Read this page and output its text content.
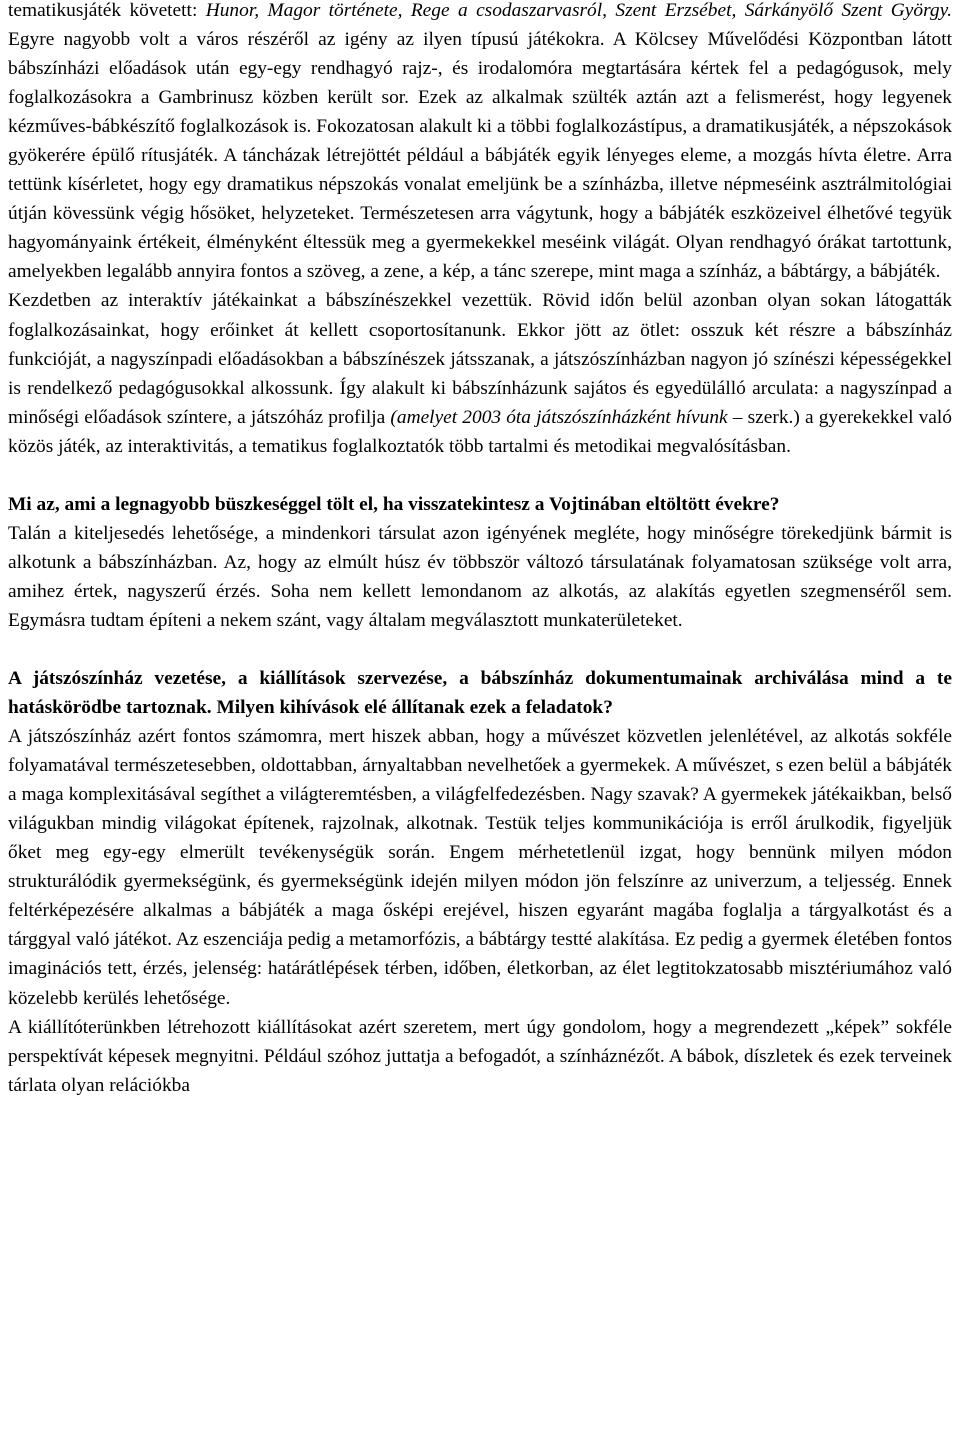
tematikusjáték követett: Hunor, Magor története, Rege a csodaszarvasról, Szent Erzsébet, Sárkányölő Szent György. Egyre nagyobb volt a város részéről az igény az ilyen típusú játékokra. A Kölcsey Művelődési Központban látott bábszínházi előadások után egy-egy rendhagyó rajz-, és irodalomóra megtartására kértek fel a pedagógusok, mely foglalkozásokra a Gambrinusz közben került sor. Ezek az alkalmak szülték aztán azt a felismerést, hogy legyenek kézműves-bábkészítő foglalkozások is. Fokozatosan alakult ki a többi foglalkozástípus, a dramatikusjáték, a népszokások gyökerére épülő rítusjáték. A táncházak létrejöttét például a bábjáték egyik lényeges eleme, a mozgás hívta életre. Arra tettünk kísérletet, hogy egy dramatikus népszokás vonalat emeljünk be a színházba, illetve népmeséink asztrálmitológiai útján kövessünk végig hősöket, helyzeteket. Természetesen arra vágytunk, hogy a bábjáték eszközeivel élhetővé tegyük hagyományaink értékeit, élményként éltessük meg a gyermekekkel meséink világát. Olyan rendhagyó órákat tartottunk, amelyekben legalább annyira fontos a szöveg, a zene, a kép, a tánc szerepe, mint maga a színház, a bábtárgy, a bábjáték.

Kezdetben az interaktív játékainkat a bábszínészekkel vezettük. Rövid időn belül azonban olyan sokan látogatták foglalkozásainkat, hogy erőinket át kellett csoportosítanunk. Ekkor jött az ötlet: osszuk két részre a bábszínház funkcióját, a nagyszínpadi előadásokban a bábszínészek játsszanak, a játszószínházban nagyon jó színészi képességekkel is rendelkező pedagógusokkal alkossunk. Így alakult ki bábszínházunk sajátos és egyedülálló arculata: a nagyszínpad a minőségi előadások színtere, a játszóház profilja (amelyet 2003 óta játszószínházként hívunk – szerk.) a gyerekekkel való közös játék, az interaktivitás, a tematikus foglalkoztatók több tartalmi és metodikai megvalósításban.

Mi az, ami a legnagyobb büszkeséggel tölt el, ha visszatekintesz a Vojtinában eltöltött évekre?

Talán a kiteljesedés lehetősége, a mindenkori társulat azon igényének megléte, hogy minőségre törekedjünk bármit is alkotunk a bábszínházban. Az, hogy az elmúlt húsz év többször változó társulatának folyamatosan szüksége volt arra, amihez értek, nagyszerű érzés. Soha nem kellett lemondanom az alkotás, az alakítás egyetlen szegmenséről sem. Egymásra tudtam építeni a nekem szánt, vagy általam megválasztott munkaterületeket.

A játszószínház vezetése, a kiállítások szervezése, a bábszínház dokumentumainak archiválása mind a te hatáskörödbe tartoznak. Milyen kihívások elé állítanak ezek a feladatok?

A játszószínház azért fontos számomra, mert hiszek abban, hogy a művészet közvetlen jelenlétével, az alkotás sokféle folyamatával természetesebben, oldottabban, árnyaltabban nevelhetőek a gyermekek. A művészet, s ezen belül a bábjáték a maga komplexitásával segíthet a világteremtésben, a világfelfedezésben. Nagy szavak? A gyermekek játékaikban, belső világukban mindig világokat építenek, rajzolnak, alkotnak. Testük teljes kommunikációja is erről árulkodik, figyeljük őket meg egy-egy elmerült tevékenységük során. Engem mérhetetlenül izgat, hogy bennünk milyen módon strukturálódik gyermekségünk, és gyermekségünk idején milyen módon jön felszínre az univerzum, a teljesség. Ennek feltérképezésére alkalmas a bábjáték a maga ősképi erejével, hiszen egyaránt magába foglalja a tárgyalkotást és a tárggyal való játékot. Az eszenciája pedig a metamorfózis, a bábtárgy testté alakítása. Ez pedig a gyermek életében fontos imaginációs tett, érzés, jelenség: határátlépések térben, időben, életkorban, az élet legtitokzatosabb misztériumához való közelebb kerülés lehetősége.

A kiállítóterünkben létrehozott kiállításokat azért szeretem, mert úgy gondolom, hogy a megrendezett „képek” sokféle perspektívát képesek megnyitni. Például szóhoz juttatja a befogadót, a színháznézőt. A bábok, díszletek és ezek terveinek tárlata olyan relációkba
